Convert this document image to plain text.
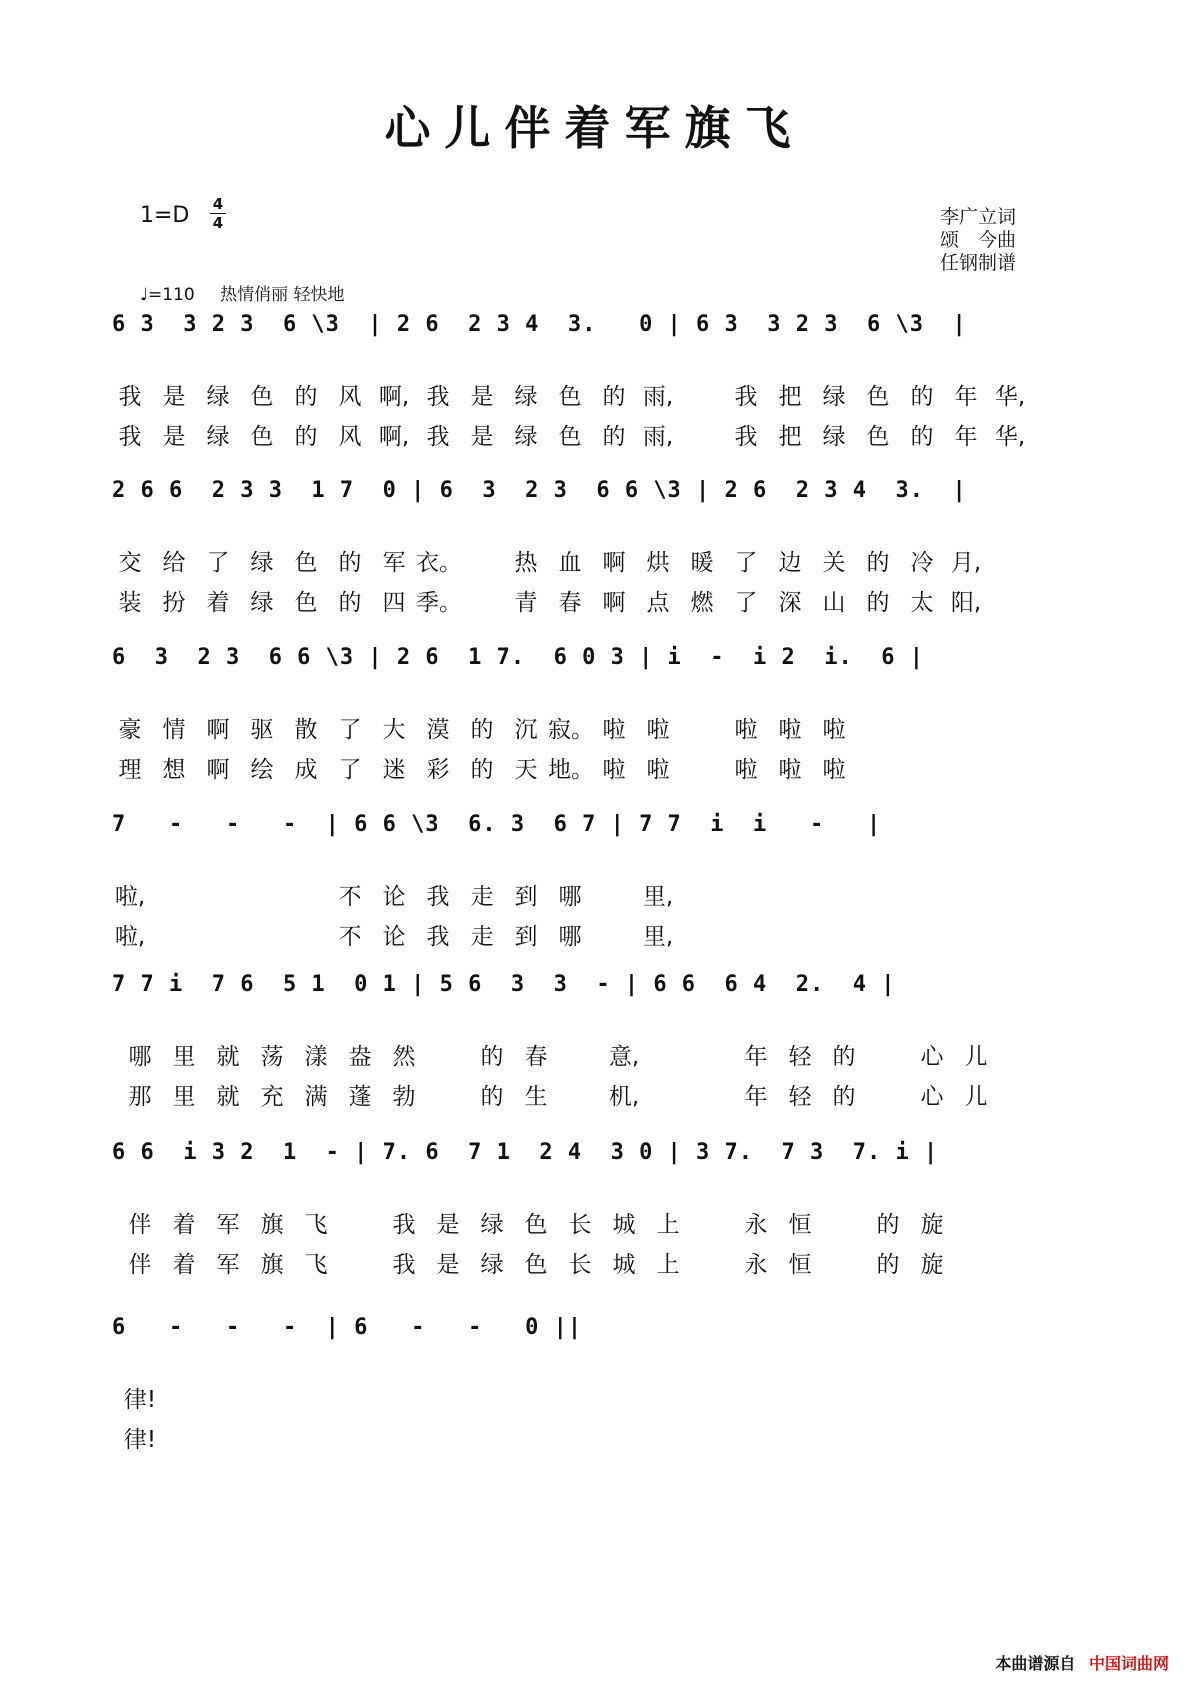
心儿伴着军旗飞
1=D 4
4	李广立词
颂　今曲
任钢制谱
♩=110 热情俏丽 轻快地
6 3  3 2 3  6 \3  | 2 6  2 3 4  3.   0 | 6 3  3 2 3  6 \3  |
我 是 绿 色 的 风 啊, 我 是 绿 色 的 雨,	我 把 绿 色 的 年 华,
我 是 绿 色 的 风 啊, 我 是 绿 色 的 雨,	我 把 绿 色 的 年 华,
2 6 6  2 3 3  1 7  0 | 6  3  2 3  6 6 \3 | 2 6  2 3 4  3.  |
交 给 了 绿 色 的 军 衣。 热 血 啊 烘 暖 了 边 关 的 冷 月,
装 扮 着 绿 色 的 四 季。 青 春 啊 点 燃 了 深 山 的 太 阳,
6  3  2 3  6 6 \3 | 2 6  1 7.  6 0 3 | i  -  i 2  i.  6 |
豪 情 啊 驱 散 了 大 漠 的 沉 寂。 啦 啦	啦 啦 啦
理 想 啊 绘 成 了 迷 彩 的 天 地。 啦 啦	啦 啦 啦
7   -   -   -  | 6 6 \3  6. 3  6 7 | 7 7  i  i   -   |
啦,	不 论 我 走 到 哪	里,
啦,	不 论 我 走 到 哪	里,
7 7 i  7 6  5 1  0 1 | 5 6  3  3  - | 6 6  6 4  2.  4 |
哪 里 就 荡 漾 盎 然	的 春	意,	年 轻 的	心 儿
那 里 就 充 满 蓬 勃	的 生	机,	年 轻 的	心 儿
6 6  i 3 2  1  - | 7. 6  7 1  2 4  3 0 | 3 7.  7 3  7. i |
伴 着 军 旗 飞	我 是 绿 色 长 城 上	永 恒	的 旋
伴 着 军 旗 飞	我 是 绿 色 长 城 上	永 恒	的 旋
6   -   -   -  | 6   -   -   0 ||
律!
律!
本曲谱源自 中国词曲网
